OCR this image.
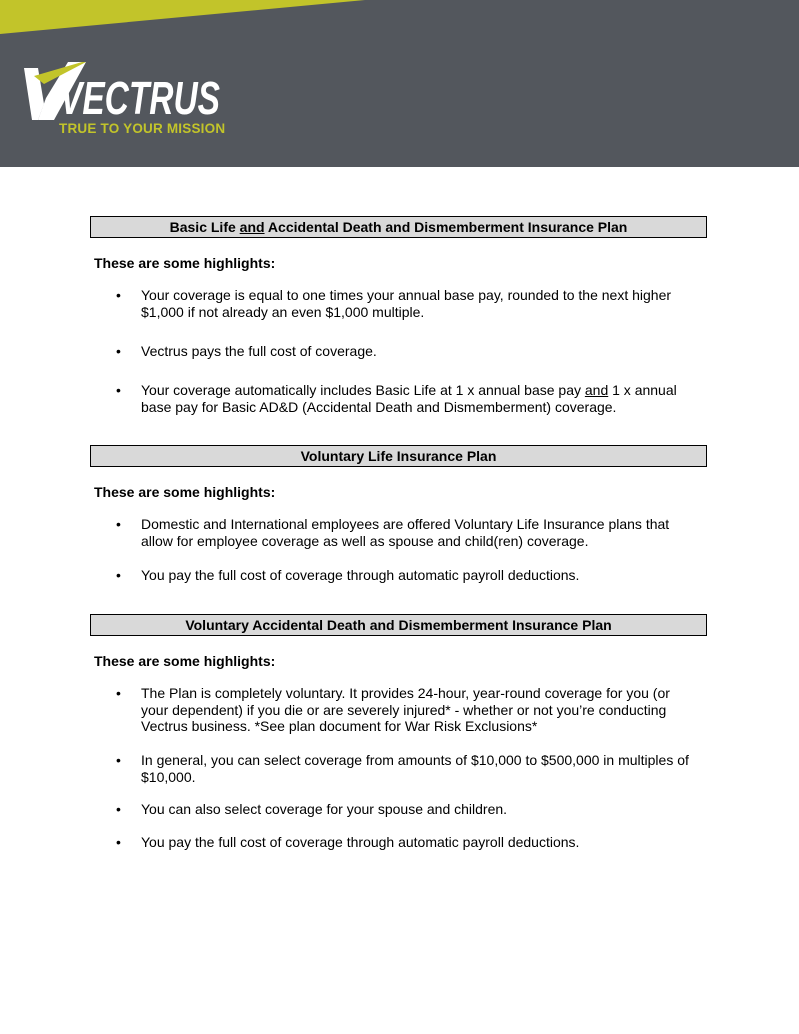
VECTRUS
TRUE TO YOUR MISSION
Basic Life and Accidental Death and Dismemberment Insurance Plan
These are some highlights:
•	Your coverage is equal to one times your annual base pay, rounded to the next higher $1,000 if not already an even $1,000 multiple.
•	Vectrus pays the full cost of coverage.
•	Your coverage automatically includes Basic Life at 1 x annual base pay and 1 x annual base pay for Basic AD&D (Accidental Death and Dismemberment) coverage.
Voluntary Life Insurance Plan
These are some highlights:
•	Domestic and International employees are offered Voluntary Life Insurance plans that allow for employee coverage as well as spouse and child(ren) coverage.
•	You pay the full cost of coverage through automatic payroll deductions.
Voluntary Accidental Death and Dismemberment Insurance Plan
These are some highlights:
•	The Plan is completely voluntary. It provides 24-hour, year-round coverage for you (or your dependent) if you die or are severely injured* - whether or not you’re conducting Vectrus business. *See plan document for War Risk Exclusions*
•	In general, you can select coverage from amounts of $10,000 to $500,000 in multiples of $10,000.
•	You can also select coverage for your spouse and children.
•	You pay the full cost of coverage through automatic payroll deductions.
